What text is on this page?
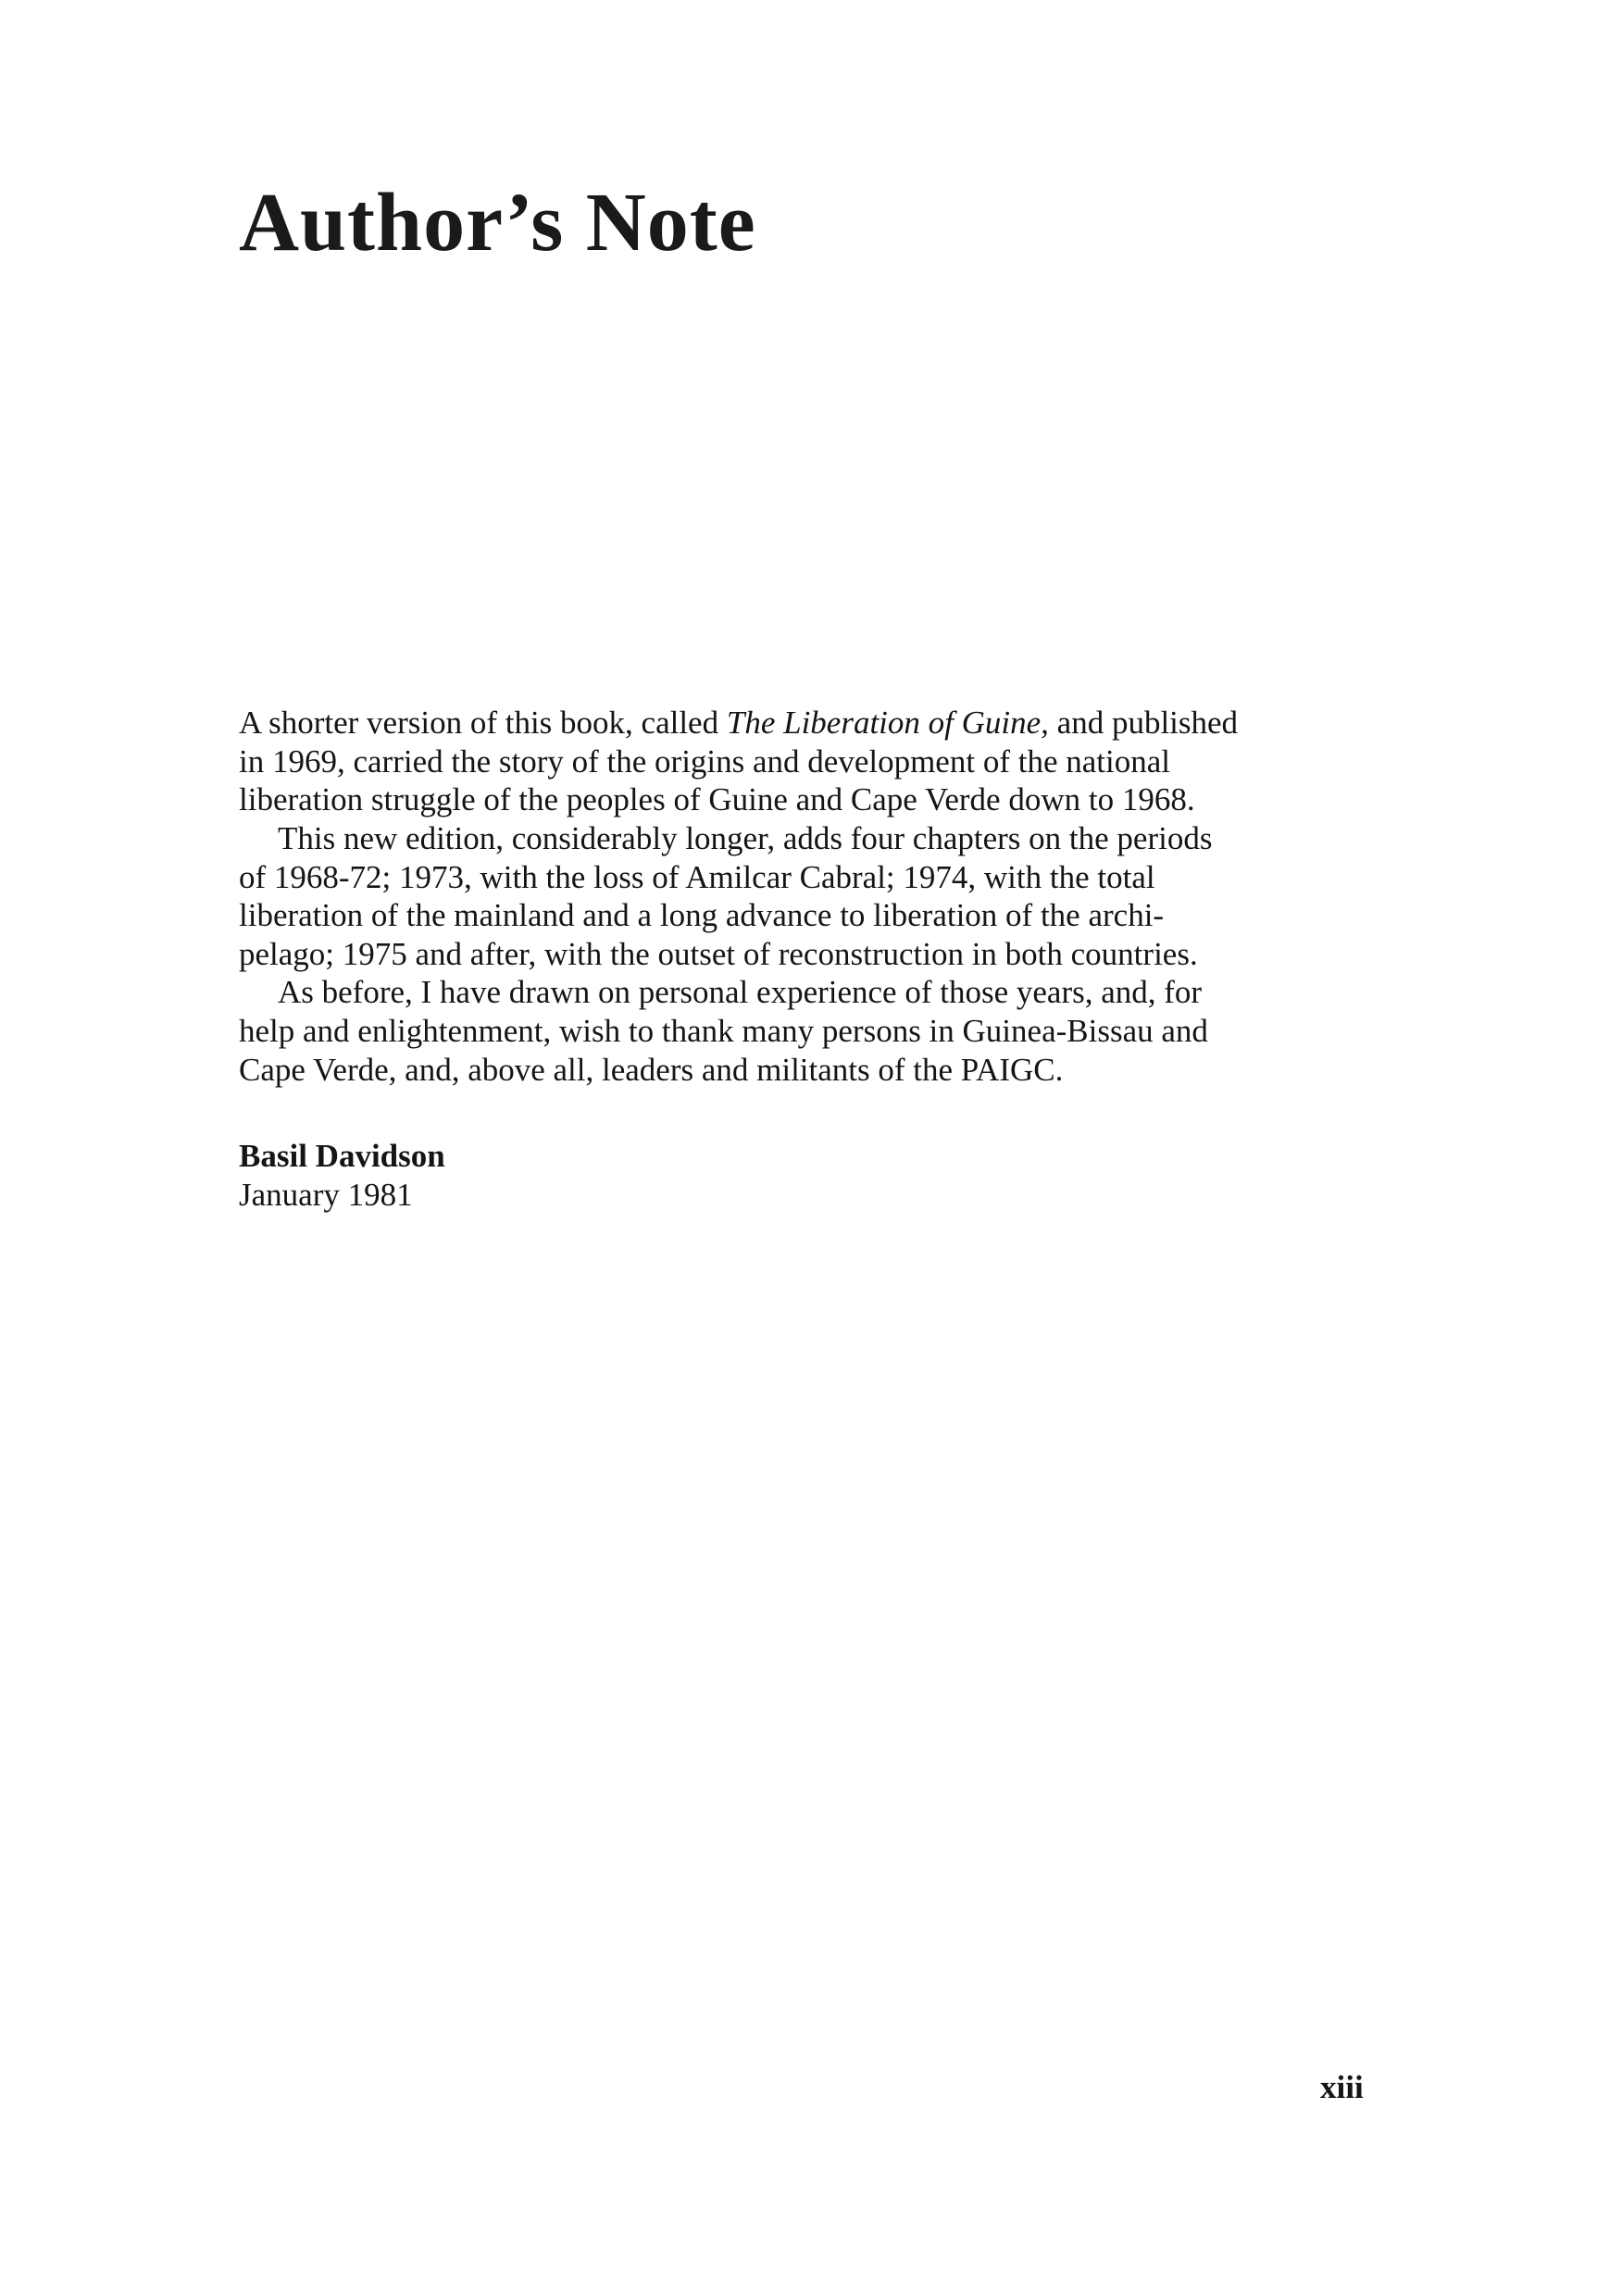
Author’s Note
A shorter version of this book, called The Liberation of Guine, and published
in 1969, carried the story of the origins and development of the national
liberation struggle of the peoples of Guine and Cape Verde down to 1968.
This new edition, considerably longer, adds four chapters on the periods
of 1968-72; 1973, with the loss of Amilcar Cabral; 1974, with the total
liberation of the mainland and a long advance to liberation of the archi-
pelago; 1975 and after, with the outset of reconstruction in both countries.
As before, I have drawn on personal experience of those years, and, for
help and enlightenment, wish to thank many persons in Guinea-Bissau and
Cape Verde, and, above all, leaders and militants of the PAIGC.
Basil Davidson
January 1981
xiii
